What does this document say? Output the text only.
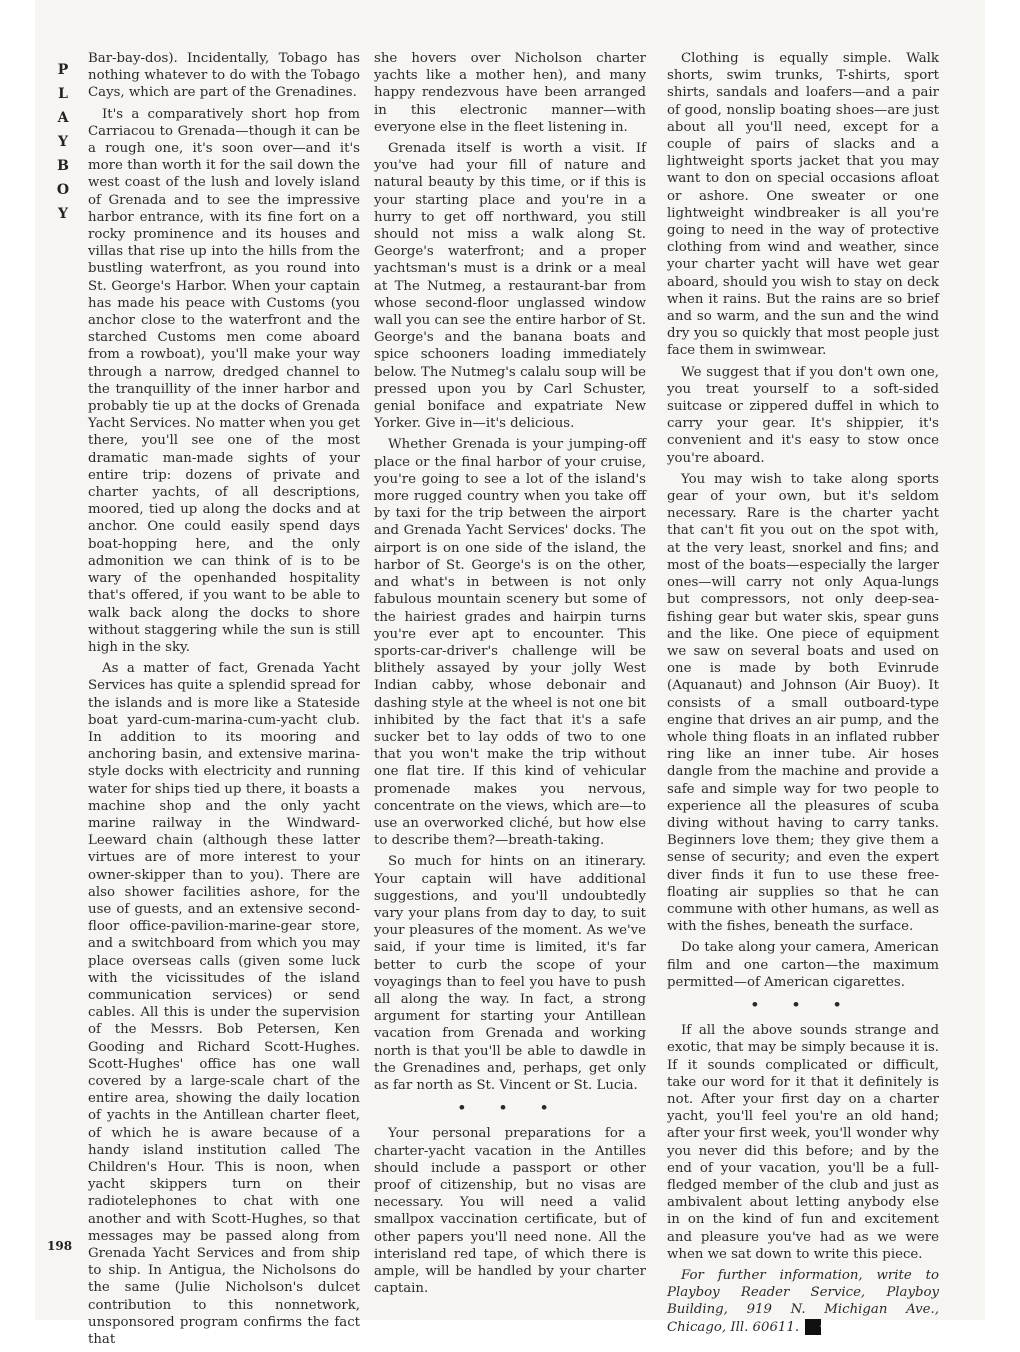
P
L
A
Y
B
O
Y

Bar-bay-dos). Incidentally, Tobago has nothing whatever to do with the Tobago Cays, which are part of the Grenadines.

It's a comparatively short hop from Carriacou to Grenada—though it can be a rough one, it's soon over—and it's more than worth it for the sail down the west coast of the lush and lovely island of Grenada and to see the impressive harbor entrance, with its fine fort on a rocky prominence and its houses and villas that rise up into the hills from the bustling waterfront, as you round into St. George's Harbor. When your captain has made his peace with Customs (you anchor close to the waterfront and the starched Customs men come aboard from a rowboat), you'll make your way through a narrow, dredged channel to the tranquillity of the inner harbor and probably tie up at the docks of Grenada Yacht Services. No matter when you get there, you'll see one of the most dramatic man-made sights of your entire trip: dozens of private and charter yachts, of all descriptions, moored, tied up along the docks and at anchor. One could easily spend days boat-hopping here, and the only admonition we can think of is to be wary of the openhanded hospitality that's offered, if you want to be able to walk back along the docks to shore without staggering while the sun is still high in the sky.

As a matter of fact, Grenada Yacht Services has quite a splendid spread for the islands and is more like a Stateside boat yard-cum-marina-cum-yacht club. In addition to its mooring and anchoring basin, and extensive marina-style docks with electricity and running water for ships tied up there, it boasts a machine shop and the only yacht marine railway in the Windward-Leeward chain (although these latter virtues are of more interest to your owner-skipper than to you). There are also shower facilities ashore, for the use of guests, and an extensive second-floor office-pavilion-marine-gear store, and a switchboard from which you may place overseas calls (given some luck with the vicissitudes of the island communication services) or send cables. All this is under the supervision of the Messrs. Bob Petersen, Ken Gooding and Richard Scott-Hughes. Scott-Hughes' office has one wall covered by a large-scale chart of the entire area, showing the daily location of yachts in the Antillean charter fleet, of which he is aware because of a handy island institution called The Children's Hour. This is noon, when yacht skippers turn on their radiotelephones to chat with one another and with Scott-Hughes, so that messages may be passed along from Grenada Yacht Services and from ship to ship. In Antigua, the Nicholsons do the same (Julie Nicholson's dulcet contribution to this nonnetwork, unsponsored program confirms the fact that

she hovers over Nicholson charter yachts like a mother hen), and many happy rendezvous have been arranged in this electronic manner—with everyone else in the fleet listening in.

Grenada itself is worth a visit. If you've had your fill of nature and natural beauty by this time, or if this is your starting place and you're in a hurry to get off northward, you still should not miss a walk along St. George's waterfront; and a proper yachtsman's must is a drink or a meal at The Nutmeg, a restaurant-bar from whose second-floor unglassed window wall you can see the entire harbor of St. George's and the banana boats and spice schooners loading immediately below. The Nutmeg's calalu soup will be pressed upon you by Carl Schuster, genial boniface and expatriate New Yorker. Give in—it's delicious.

Whether Grenada is your jumping-off place or the final harbor of your cruise, you're going to see a lot of the island's more rugged country when you take off by taxi for the trip between the airport and Grenada Yacht Services' docks. The airport is on one side of the island, the harbor of St. George's is on the other, and what's in between is not only fabulous mountain scenery but some of the hairiest grades and hairpin turns you're ever apt to encounter. This sports-car-driver's challenge will be blithely assayed by your jolly West Indian cabby, whose debonair and dashing style at the wheel is not one bit inhibited by the fact that it's a safe sucker bet to lay odds of two to one that you won't make the trip without one flat tire. If this kind of vehicular promenade makes you nervous, concentrate on the views, which are—to use an overworked cliché, but how else to describe them?—breath-taking.

So much for hints on an itinerary. Your captain will have additional suggestions, and you'll undoubtedly vary your plans from day to day, to suit your pleasures of the moment. As we've said, if your time is limited, it's far better to curb the scope of your voyagings than to feel you have to push all along the way. In fact, a strong argument for starting your Antillean vacation from Grenada and working north is that you'll be able to dawdle in the Grenadines and, perhaps, get only as far north as St. Vincent or St. Lucia.

• • •

Your personal preparations for a charter-yacht vacation in the Antilles should include a passport or other proof of citizenship, but no visas are necessary. You will need a valid smallpox vaccination certificate, but of other papers you'll need none. All the interisland red tape, of which there is ample, will be handled by your charter captain.

Clothing is equally simple. Walk shorts, swim trunks, T-shirts, sport shirts, sandals and loafers—and a pair of good, nonslip boating shoes—are just about all you'll need, except for a couple of pairs of slacks and a lightweight sports jacket that you may want to don on special occasions afloat or ashore. One sweater or one lightweight windbreaker is all you're going to need in the way of protective clothing from wind and weather, since your charter yacht will have wet gear aboard, should you wish to stay on deck when it rains. But the rains are so brief and so warm, and the sun and the wind dry you so quickly that most people just face them in swimwear.

We suggest that if you don't own one, you treat yourself to a soft-sided suitcase or zippered duffel in which to carry your gear. It's shippier, it's convenient and it's easy to stow once you're aboard.

You may wish to take along sports gear of your own, but it's seldom necessary. Rare is the charter yacht that can't fit you out on the spot with, at the very least, snorkel and fins; and most of the boats—especially the larger ones—will carry not only Aqua-lungs but compressors, not only deep-sea-fishing gear but water skis, spear guns and the like. One piece of equipment we saw on several boats and used on one is made by both Evinrude (Aquanaut) and Johnson (Air Buoy). It consists of a small outboard-type engine that drives an air pump, and the whole thing floats in an inflated rubber ring like an inner tube. Air hoses dangle from the machine and provide a safe and simple way for two people to experience all the pleasures of scuba diving without having to carry tanks. Beginners love them; they give them a sense of security; and even the expert diver finds it fun to use these free-floating air supplies so that he can commune with other humans, as well as with the fishes, beneath the surface.

Do take along your camera, American film and one carton—the maximum permitted—of American cigarettes.

• • •

If all the above sounds strange and exotic, that may be simply because it is. If it sounds complicated or difficult, take our word for it that it definitely is not. After your first day on a charter yacht, you'll feel you're an old hand; after your first week, you'll wonder why you never did this before; and by the end of your vacation, you'll be a full-fledged member of the club and just as ambivalent about letting anybody else in on the kind of fun and excitement and pleasure you've had as we were when we sat down to write this piece.

For further information, write to Playboy Reader Service, Playboy Building, 919 N. Michigan Ave., Chicago, Ill. 60611. ✦

198
